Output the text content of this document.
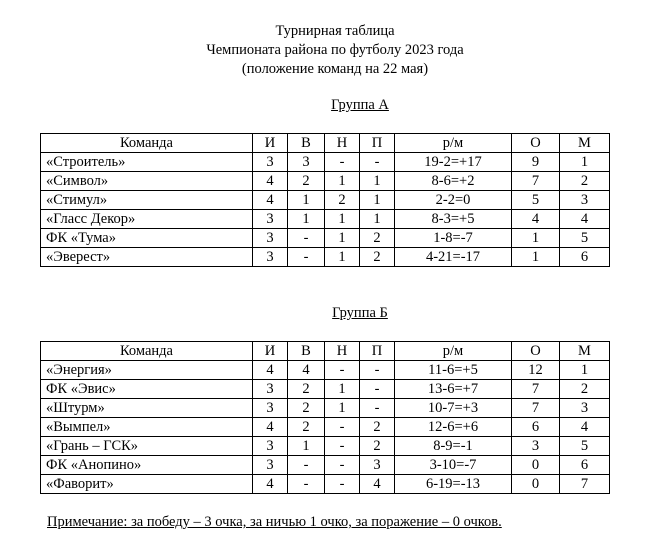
Турнирная таблица
Чемпионата района по футболу 2023 года
(положение команд на 22 мая)
Группа А
Команда	И	В	Н	П	р/м	О	М
«Строитель»	3	3	-	-	19-2=+17	9	1
«Символ»	4	2	1	1	8-6=+2	7	2
«Стимул»	4	1	2	1	2-2=0	5	3
«Гласс Декор»	3	1	1	1	8-3=+5	4	4
ФК «Тума»	3	-	1	2	1-8=-7	1	5
«Эверест»	3	-	1	2	4-21=-17	1	6
Группа Б
Команда	И	В	Н	П	р/м	О	М
«Энергия»	4	4	-	-	11-6=+5	12	1
ФК «Эвис»	3	2	1	-	13-6=+7	7	2
«Штурм»	3	2	1	-	10-7=+3	7	3
«Вымпел»	4	2	-	2	12-6=+6	6	4
«Грань – ГСК»	3	1	-	2	8-9=-1	3	5
ФК «Анопино»	3	-	-	3	3-10=-7	0	6
«Фаворит»	4	-	-	4	6-19=-13	0	7
Примечание: за победу – 3 очка, за ничью 1 очко, за поражение – 0 очков.
